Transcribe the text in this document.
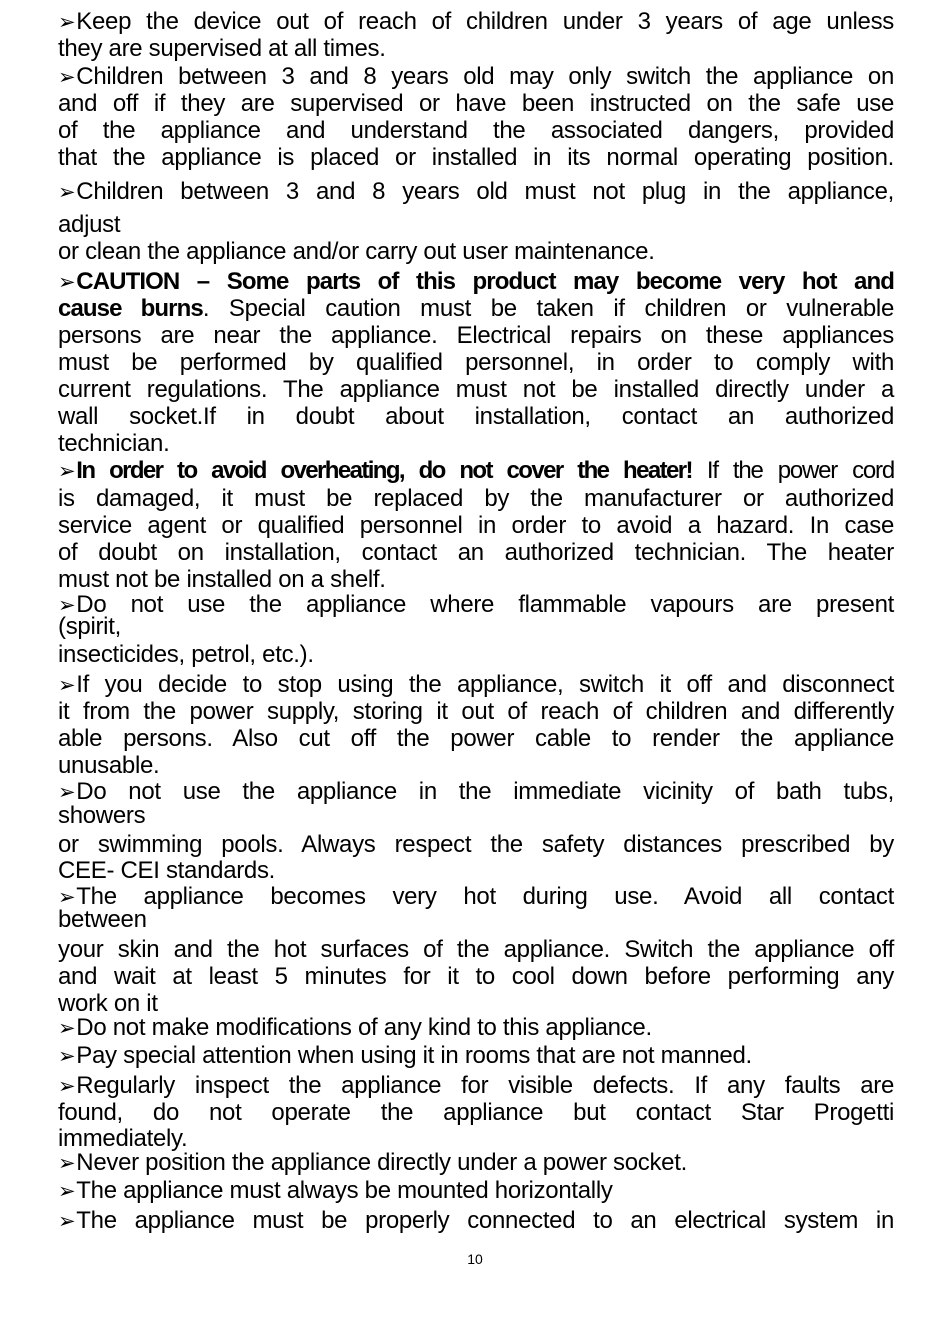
➢Keep the device out of reach of children under 3 years of age unless
they are supervised at all times.
➢Children between 3 and 8 years old may only switch the appliance on
and off if they are supervised or have been instructed on the safe use
of the appliance and understand the associated dangers, provided
that the appliance is placed or installed in its normal operating position.
➢Children between 3 and 8 years old must not plug in the appliance,
adjust
or clean the appliance and/or carry out user maintenance.
➢CAUTION – Some parts of this product may become very hot and
cause burns. Special caution must be taken if children or vulnerable
persons are near the appliance. Electrical repairs on these appliances
must be performed by qualified personnel, in order to comply with
current regulations. The appliance must not be installed directly under a
wall socket.If in doubt about installation, contact an authorized
technician.
➢In order to avoid overheating, do not cover the heater! If the power cord
is damaged, it must be replaced by the manufacturer or authorized
service agent or qualified personnel in order to avoid a hazard. In case
of doubt on installation, contact an authorized technician. The heater
must not be installed on a shelf.
➢Do not use the appliance where flammable vapours are present
(spirit,
insecticides, petrol, etc.).
➢If you decide to stop using the appliance, switch it off and disconnect
it from the power supply, storing it out of reach of children and differently
able persons. Also cut off the power cable to render the appliance
unusable.
➢Do not use the appliance in the immediate vicinity of bath tubs,
showers
or swimming pools. Always respect the safety distances prescribed by
CEE- CEI standards.
➢The appliance becomes very hot during use. Avoid all contact
between
your skin and the hot surfaces of the appliance. Switch the appliance off
and wait at least 5 minutes for it to cool down before performing any
work on it
➢Do not make modifications of any kind to this appliance.
➢Pay special attention when using it in rooms that are not manned.
➢Regularly inspect the appliance for visible defects. If any faults are
found, do not operate the appliance but contact Star Progetti
immediately.
➢Never position the appliance directly under a power socket.
➢The appliance must always be mounted horizontally
➢The appliance must be properly connected to an electrical system in
10
